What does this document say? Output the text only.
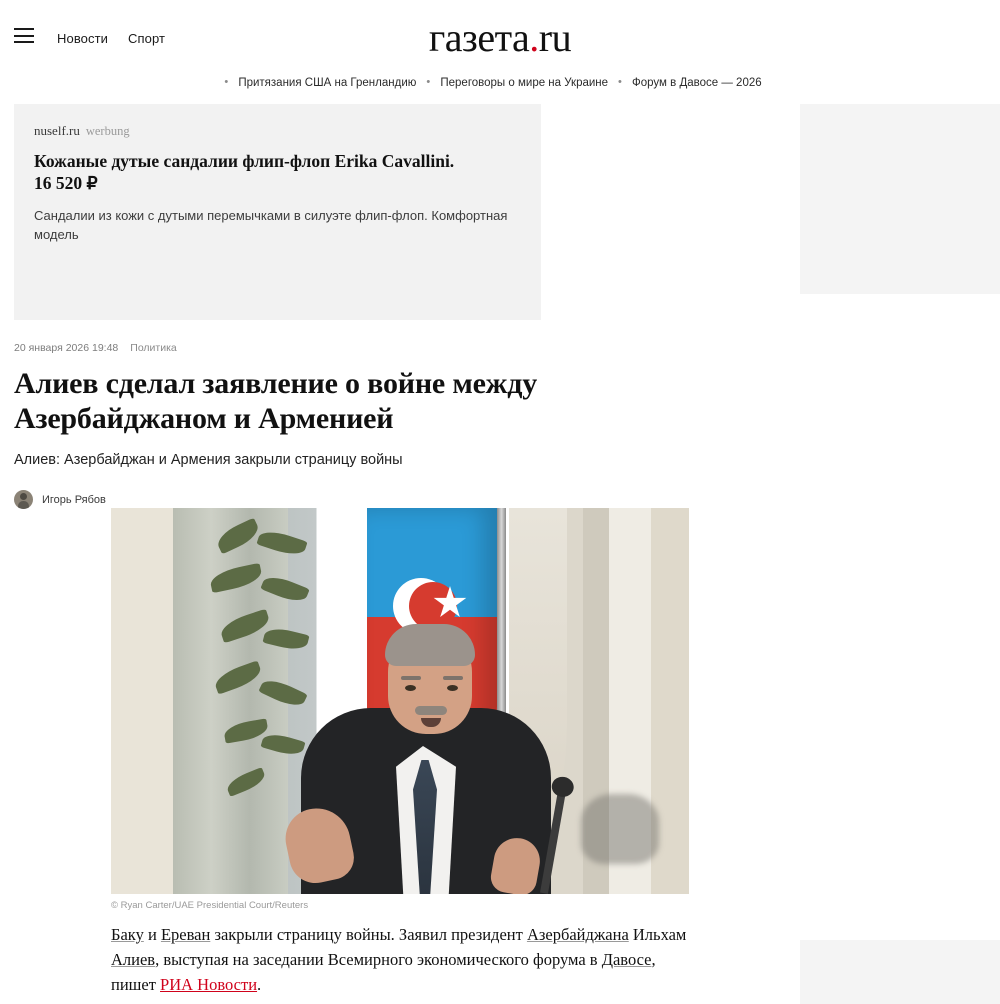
Новости Спорт	газета.ru
• Притязания США на Гренландию	• Переговоры о мире на Украине	• Форум в Давосе — 2026
nuself.ru werbung
Кожаные дутые сандалии флип-флоп Erika Cavallini. 16 520 ₽
Сандалии из кожи с дутыми перемычками в силуэте флип-флоп. Комфортная модель
20 января 2026 19:48 Политика
Алиев сделал заявление о войне между Азербайджаном и Арменией
Алиев: Азербайджан и Армения закрыли страницу войны
Игорь Рябов
© Ryan Carter/UAE Presidential Court/Reuters
Баку и Ереван закрыли страницу войны. Заявил президент Азербайджана Ильхам Алиев, выступая на заседании Всемирного экономического форума в Давосе, пишет РИА Новости.
